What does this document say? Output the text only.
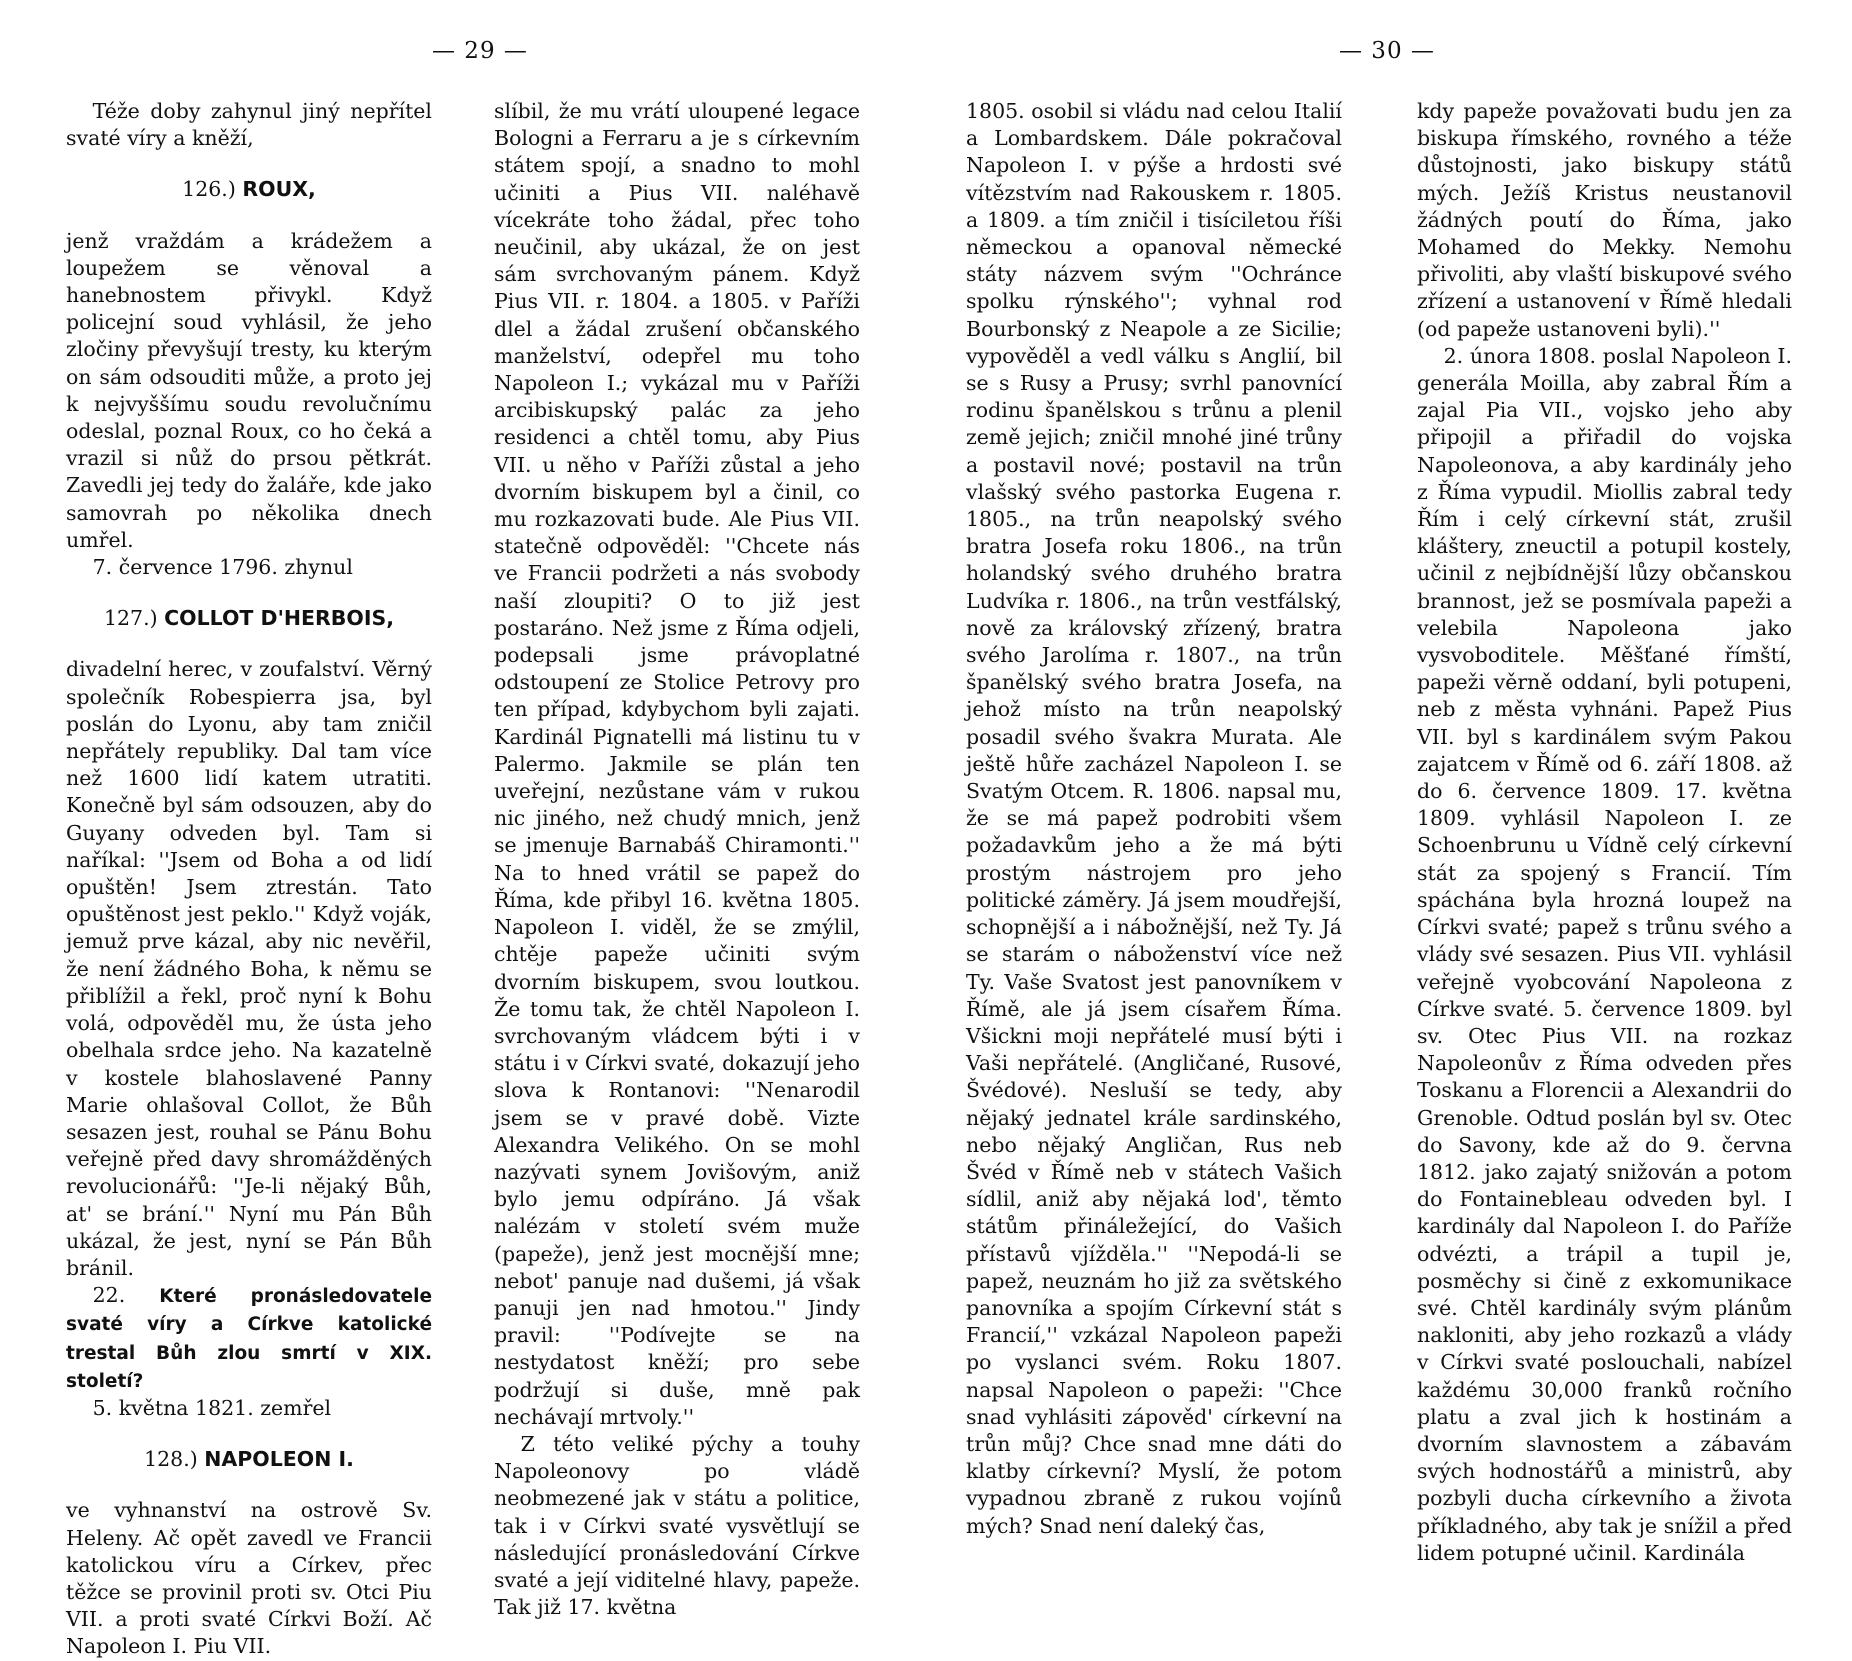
— 29 —

Téže doby zahynul jiný nepřítel svaté víry a kněží,

126.) ROUX,

jenž vraždám a krádežem a loupežem se věnoval a hanebnostem přivykl. Když policejní soud vyhlásil, že jeho zločiny převyšují tresty, ku kterým on sám odsouditi může, a proto jej k nejvyššímu soudu revolučnímu odeslal, poznal Roux, co ho čeká a vrazil si nůž do prsou pětkrát. Zavedli jej tedy do žaláře, kde jako samovrah po několika dnech umřel.

7. července 1796. zhynul

127.) COLLOT D'HERBOIS,

divadelní herec, v zoufalství. Věrný společník Robespierra jsa, byl poslán do Lyonu, aby tam zničil nepřátely republiky. Dal tam více než 1600 lidí katem utratiti. Konečně byl sám odsouzen, aby do Guyany odveden byl. Tam si naříkal: ''Jsem od Boha a od lidí opuštěn! Jsem ztrestán. Tato opuštěnost jest peklo.'' Když voják, jemuž prve kázal, aby nic nevěřil, že není žádného Boha, k němu se přiblížil a řekl, proč nyní k Bohu volá, odpověděl mu, že ústa jeho obelhala srdce jeho. Na kazatelně v kostele blahoslavené Panny Marie ohlašoval Collot, že Bůh sesazen jest, rouhal se Pánu Bohu veřejně před davy shromážděných revolucionářů: ''Je-li nějaký Bůh, at' se brání.'' Nyní mu Pán Bůh ukázal, že jest, nyní se Pán Bůh bránil.

22. Které pronásledovatele svaté víry a Církve katolické trestal Bůh zlou smrtí v XIX. století?

5. května 1821. zemřel

128.) NAPOLEON I.

ve vyhnanství na ostrově Sv. Heleny. Ač opět zavedl ve Francii katolickou víru a Církev, přec těžce se provinil proti sv. Otci Piu VII. a proti svaté Církvi Boží. Ač Napoleon I. Piu VII.

slíbil, že mu vrátí uloupené legace Bologni a Ferraru a je s církevním státem spojí, a snadno to mohl učiniti a Pius VII. naléhavě vícekráte toho žádal, přec toho neučinil, aby ukázal, že on jest sám svrchovaným pánem. Když Pius VII. r. 1804. a 1805. v Paříži dlel a žádal zrušení občanského manželství, odepřel mu toho Napoleon I.; vykázal mu v Paříži arcibiskupský palác za jeho residenci a chtěl tomu, aby Pius VII. u něho v Paříži zůstal a jeho dvorním biskupem byl a činil, co mu rozkazovati bude. Ale Pius VII. statečně odpověděl: ''Chcete nás ve Francii podržeti a nás svobody naší zloupiti? O to již jest postaráno. Než jsme z Říma odjeli, podepsali jsme právoplatné odstoupení ze Stolice Petrovy pro ten případ, kdybychom byli zajati. Kardinál Pignatelli má listinu tu v Palermo. Jakmile se plán ten uveřejní, nezůstane vám v rukou nic jiného, než chudý mnich, jenž se jmenuje Barnabáš Chiramonti.'' Na to hned vrátil se papež do Říma, kde přibyl 16. května 1805. Napoleon I. viděl, že se zmýlil, chtěje papeže učiniti svým dvorním biskupem, svou loutkou. Že tomu tak, že chtěl Napoleon I. svrchovaným vládcem býti i v státu i v Církvi svaté, dokazují jeho slova k Rontanovi: ''Nenarodil jsem se v pravé době. Vizte Alexandra Velikého. On se mohl nazývati synem Jovišovým, aniž bylo jemu odpíráno. Já však nalézám v století svém muže (papeže), jenž jest mocnější mne; nebot' panuje nad dušemi, já však panuji jen nad hmotou.'' Jindy pravil: ''Podívejte se na nestydatost kněží; pro sebe podržují si duše, mně pak nechávají mrtvoly.''

Z této veliké pýchy a touhy Napoleonovy po vládě neobmezené jak v státu a politice, tak i v Církvi svaté vysvětlují se následující pronásledování Církve svaté a její viditelné hlavy, papeže. Tak již 17. května

— 30 —

1805. osobil si vládu nad celou Italií a Lombardskem. Dále pokračoval Napoleon I. v pýše a hrdosti své vítězstvím nad Rakouskem r. 1805. a 1809. a tím zničil i tisíciletou říši německou a opanoval německé státy názvem svým ''Ochránce spolku rýnského''; vyhnal rod Bourbonský z Neapole a ze Sicilie; vypověděl a vedl válku s Anglií, bil se s Rusy a Prusy; svrhl panovnící rodinu španělskou s trůnu a plenil země jejich; zničil mnohé jiné trůny a postavil nové; postavil na trůn vlašský svého pastorka Eugena r. 1805., na trůn neapolský svého bratra Josefa roku 1806., na trůn holandský svého druhého bratra Ludvíka r. 1806., na trůn vestfálský, nově za královský zřízený, bratra svého Jarolíma r. 1807., na trůn španělský svého bratra Josefa, na jehož místo na trůn neapolský posadil svého švakra Murata. Ale ještě hůře zacházel Napoleon I. se Svatým Otcem. R. 1806. napsal mu, že se má papež podrobiti všem požadavkům jeho a že má býti prostým nástrojem pro jeho politické záměry. Já jsem moudřejší, schopnější a i nábožnější, než Ty. Já se starám o náboženství více než Ty. Vaše Svatost jest panovníkem v Římě, ale já jsem císařem Říma. Všickni moji nepřátelé musí býti i Vaši nepřátelé. (Angličané, Rusové, Švédové). Nesluší se tedy, aby nějaký jednatel krále sardinského, nebo nějaký Angličan, Rus neb Švéd v Římě neb v státech Vašich sídlil, aniž aby nějaká lod', těmto státům přináležející, do Vašich přístavů vjížděla.'' ''Nepodá-li se papež, neuznám ho již za světského panovníka a spojím Církevní stát s Francií,'' vzkázal Napoleon papeži po vyslanci svém. Roku 1807. napsal Napoleon o papeži: ''Chce snad vyhlásiti zápověd' církevní na trůn můj? Chce snad mne dáti do klatby církevní? Myslí, že potom vypadnou zbraně z rukou vojínů mých? Snad není daleký čas,

kdy papeže považovati budu jen za biskupa římského, rovného a téže důstojnosti, jako biskupy států mých. Ježíš Kristus neustanovil žádných poutí do Říma, jako Mohamed do Mekky. Nemohu přivoliti, aby vlaští biskupové svého zřízení a ustanovení v Římě hledali (od papeže ustanoveni byli).''

2. února 1808. poslal Napoleon I. generála Moilla, aby zabral Řím a zajal Pia VII., vojsko jeho aby připojil a přiřadil do vojska Napoleonova, a aby kardinály jeho z Říma vypudil. Miollis zabral tedy Řím i celý církevní stát, zrušil kláštery, zneuctil a potupil kostely, učinil z nejbídnější lůzy občanskou brannost, jež se posmívala papeži a velebila Napoleona jako vysvoboditele. Měšťané římští, papeži věrně oddaní, byli potupeni, neb z města vyhnáni. Papež Pius VII. byl s kardinálem svým Pakou zajatcem v Římě od 6. září 1808. až do 6. července 1809. 17. května 1809. vyhlásil Napoleon I. ze Schoenbrunu u Vídně celý církevní stát za spojený s Francií. Tím spáchána byla hrozná loupež na Církvi svaté; papež s trůnu svého a vlády své sesazen. Pius VII. vyhlásil veřejně vyobcování Napoleona z Církve svaté. 5. července 1809. byl sv. Otec Pius VII. na rozkaz Napoleonův z Říma odveden přes Toskanu a Florencii a Alexandrii do Grenoble. Odtud poslán byl sv. Otec do Savony, kde až do 9. června 1812. jako zajatý snižován a potom do Fontainebleau odveden byl. I kardinály dal Napoleon I. do Paříže odvézti, a trápil a tupil je, posměchy si čině z exkomunikace své. Chtěl kardinály svým plánům nakloniti, aby jeho rozkazů a vlády v Církvi svaté poslouchali, nabízel každému 30,000 franků ročního platu a zval jich k hostinám a dvorním slavnostem a zábavám svých hodnostářů a ministrů, aby pozbyli ducha církevního a života příkladného, aby tak je snížil a před lidem potupné učinil. Kardinála
